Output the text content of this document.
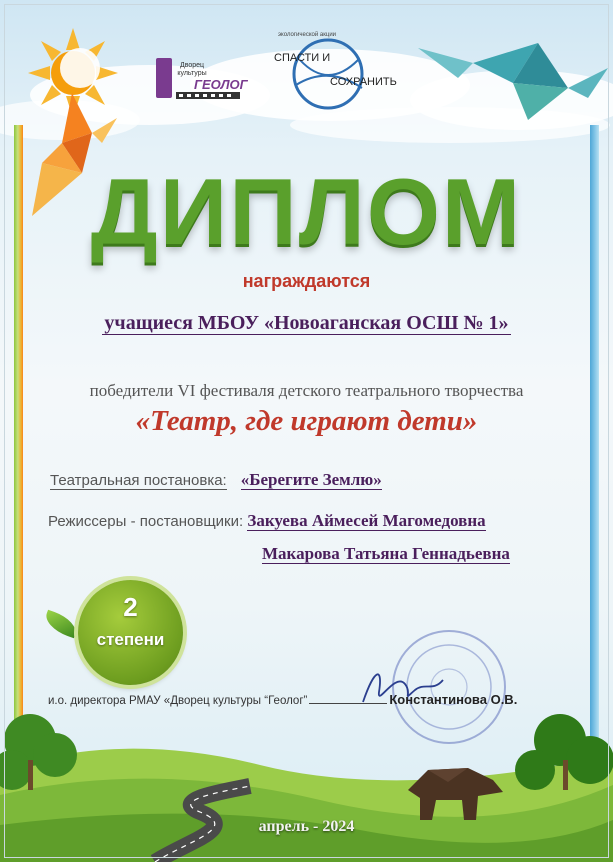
Дворец культуры
ГЕОЛОГ
экологической акции
СПАСТИ И
СОХРАНИТЬ
ДИПЛОМ
награждаются
учащиеся МБОУ «Новоаганская ОСШ № 1»
победители VI фестиваля детского театрального творчества
«Театр, где играют дети»
Театральная постановка: «Берегите Землю»
Режиссеры - постановщики: Закуева Аймесей Магомедовна
Макарова Татьяна Геннадьевна
2
степени
и.о. директора РМАУ «Дворец культуры “Геолог”	Константинова О.В.
апрель - 2024
